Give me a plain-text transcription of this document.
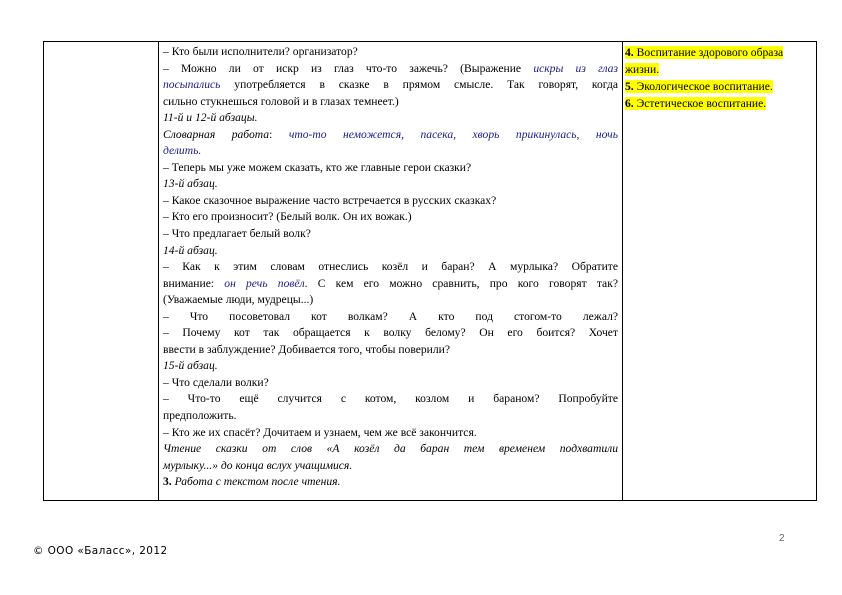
– Кто были исполнители? организатор?

– Можно ли от искр из глаз что-то зажечь? (Выражение искры из глаз

посыпались употребляется в сказке в прямом смысле. Так говорят, когда

сильно стукнешься головой и в глазах темнеет.)

11-й и 12-й абзацы.

Словарная работа: что-то неможется, пасека, хворь прикинулась, ночь

делить.

– Теперь мы уже можем сказать, кто же главные герои сказки?

13-й абзац.

– Какое сказочное выражение часто встречается в русских сказках?

– Кто его произносит? (Белый волк. Он их вожак.)

– Что предлагает белый волк?

14-й абзац.

– Как к этим словам отнеслись козёл и баран? А мурлыка? Обратите

внимание: он речь повёл. С кем его можно сравнить, про кого говорят так?

(Уважаемые люди, мудрецы...)

– Что посоветовал кот волкам? А кто под стогом-то лежал?

– Почему кот так обращается к волку белому? Он его боится? Хочет

ввести в заблуждение? Добивается того, чтобы поверили?

15-й абзац.

– Что сделали волки?

– Что-то ещё случится с котом, козлом и бараном? Попробуйте

предположить.

– Кто же их спасёт? Дочитаем и узнаем, чем же всё закончится.

Чтение сказки от слов «А козёл да баран тем временем подхватили

мурлыку...» до конца вслух учащимися.

3. Работа с текстом после чтения.

4. Воспитание здорового образа

жизни.

5. Экологическое воспитание.

6. Эстетическое воспитание.

2
© ООО «Баласс», 2012
